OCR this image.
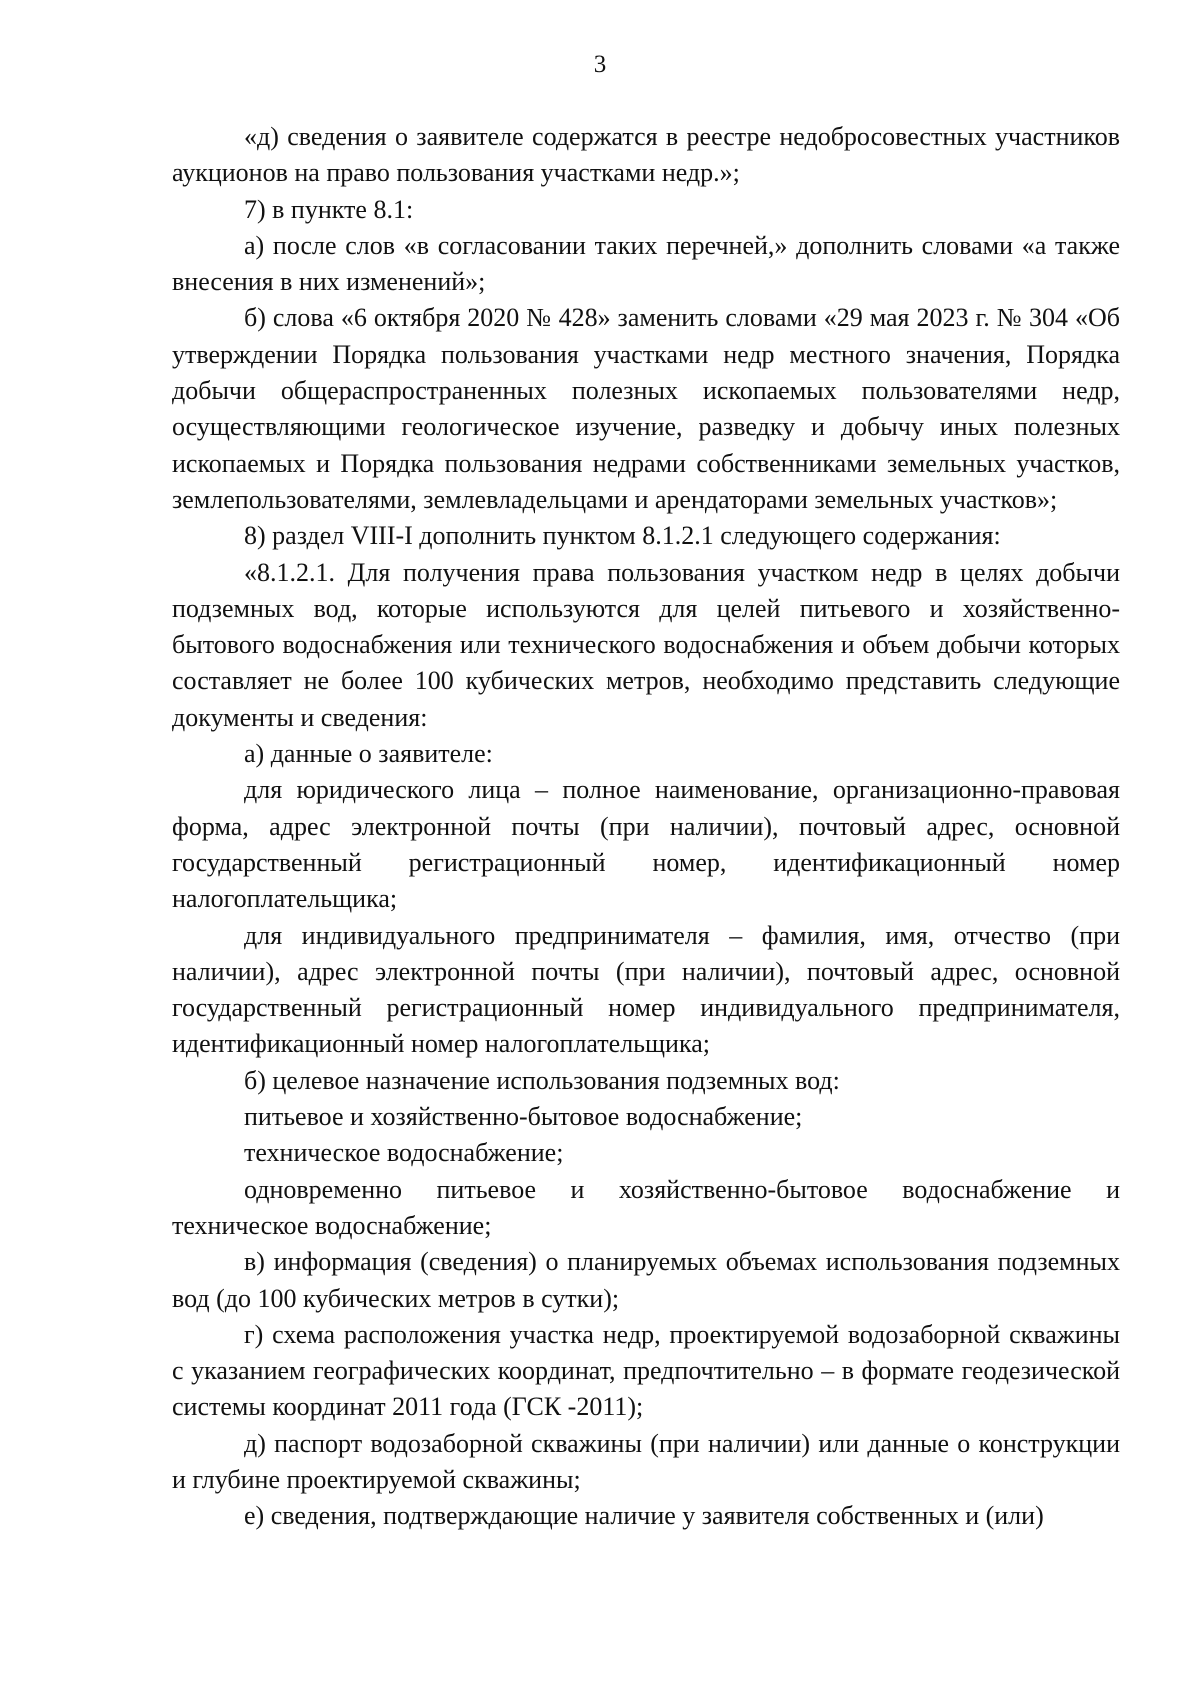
3

«д) сведения о заявителе содержатся в реестре недобросовестных участников аукционов на право пользования участками недр.»;

7) в пункте 8.1:

а) после слов «в согласовании таких перечней,» дополнить словами «а также внесения в них изменений»;

б) слова «6 октября 2020 № 428» заменить словами «29 мая 2023 г. № 304 «Об утверждении Порядка пользования участками недр местного значения, Порядка добычи общераспространенных полезных ископаемых пользователями недр, осуществляющими геологическое изучение, разведку и добычу иных полезных ископаемых и Порядка пользования недрами собственниками земельных участков, землепользователями, землевладельцами и арендаторами земельных участков»;

8) раздел VIII-I дополнить пунктом 8.1.2.1 следующего содержания:

«8.1.2.1. Для получения права пользования участком недр в целях добычи подземных вод, которые используются для целей питьевого и хозяйственно-бытового водоснабжения или технического водоснабжения и объем добычи которых составляет не более 100 кубических метров, необходимо представить следующие документы и сведения:

а) данные о заявителе:

для юридического лица – полное наименование, организационно-правовая форма, адрес электронной почты (при наличии), почтовый адрес, основной государственный регистрационный номер, идентификационный номер налогоплательщика;

для индивидуального предпринимателя – фамилия, имя, отчество (при наличии), адрес электронной почты (при наличии), почтовый адрес, основной государственный регистрационный номер индивидуального предпринимателя, идентификационный номер налогоплательщика;

б) целевое назначение использования подземных вод:

питьевое и хозяйственно-бытовое водоснабжение;

техническое водоснабжение;

одновременно питьевое и хозяйственно-бытовое водоснабжение и техническое водоснабжение;

в) информация (сведения) о планируемых объемах использования подземных вод (до 100 кубических метров в сутки);

г) схема расположения участка недр, проектируемой водозаборной скважины с указанием географических координат, предпочтительно – в формате геодезической системы координат 2011 года (ГСК -2011);

д) паспорт водозаборной скважины (при наличии) или данные о конструкции и глубине проектируемой скважины;

е) сведения, подтверждающие наличие у заявителя собственных и (или)
